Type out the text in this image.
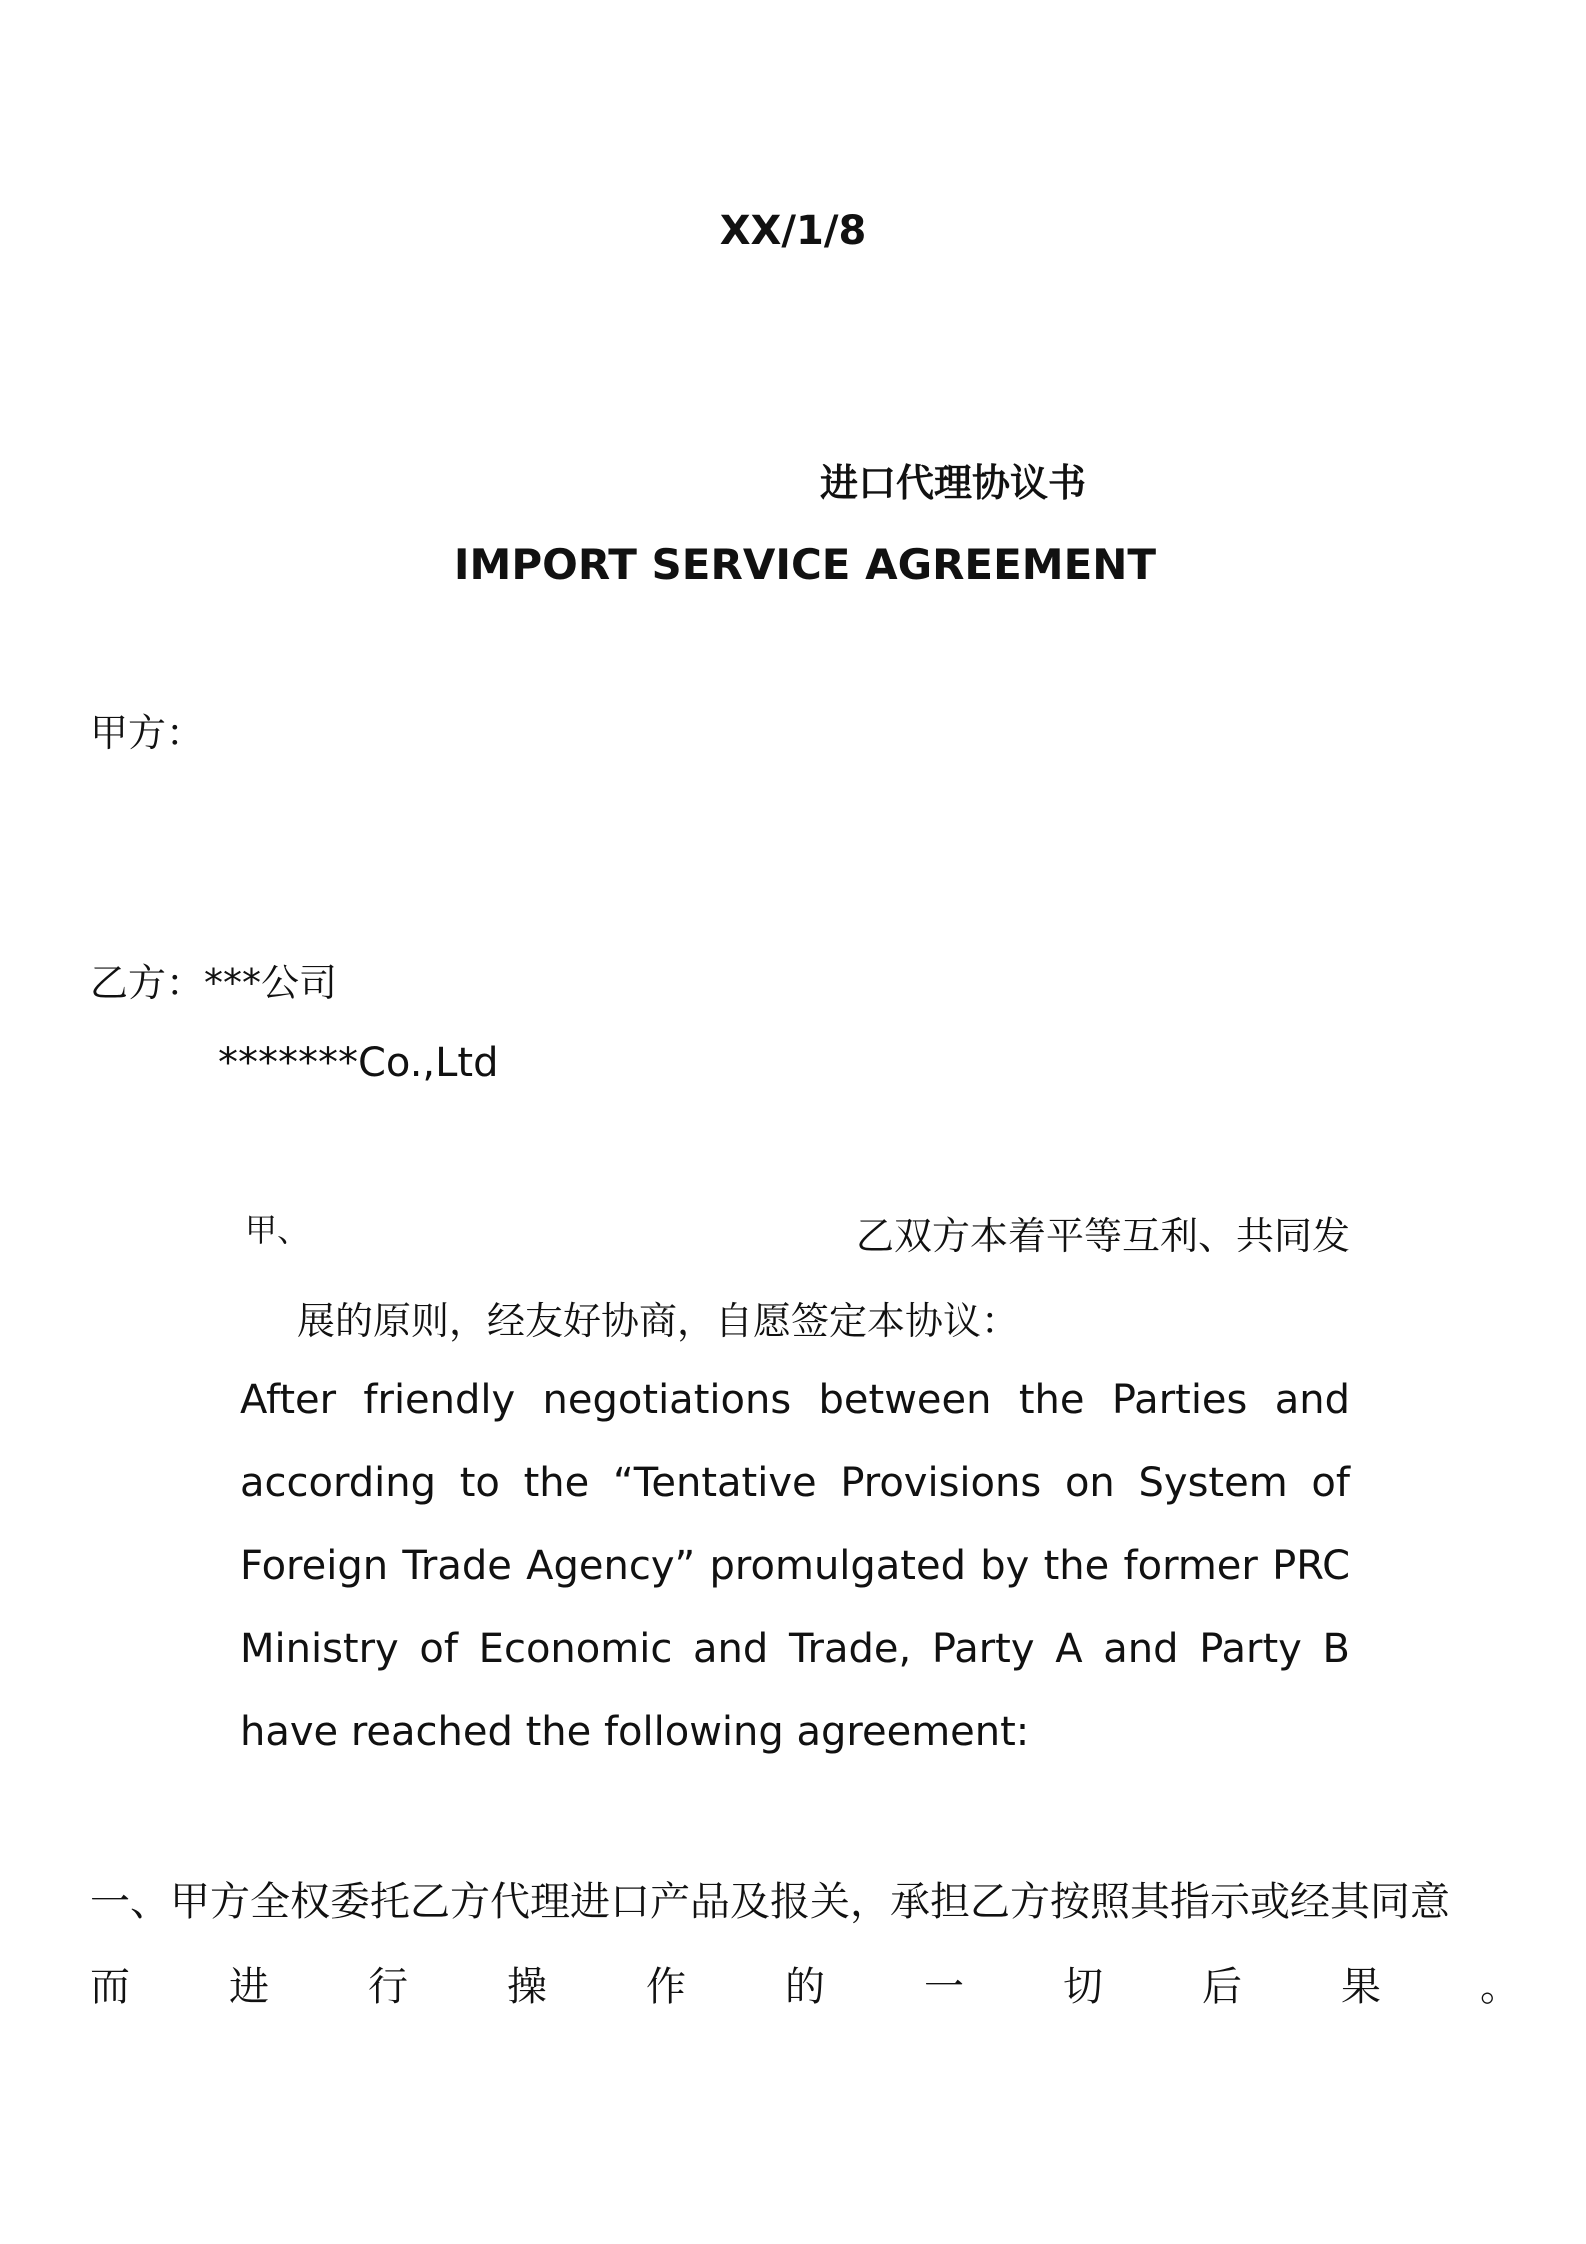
XX/1/8
进口代理协议书
IMPORT SERVICE AGREEMENT
甲方：
乙方：***公司
*******Co.,Ltd
甲、	乙双方本着平等互利、共同发
展的原则，经友好协商，自愿签定本协议：
After friendly negotiations between the Parties and
according to the “Tentative Provisions on System of
Foreign Trade Agency” promulgated by the former PRC
Ministry of Economic and Trade, Party A and Party B
have reached the following agreement:
一、甲方全权委托乙方代理进口产品及报关，承担乙方按照其指示或经其同意
而 进 行 操 作 的 一 切 后 果 。
